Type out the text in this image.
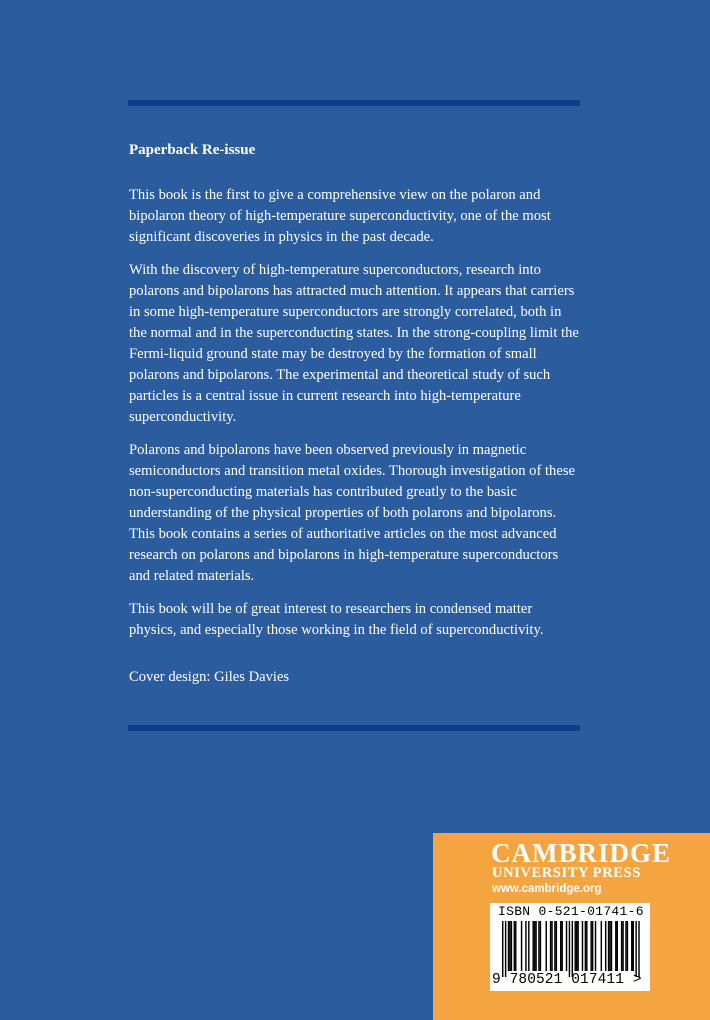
Paperback Re-issue

This book is the first to give a comprehensive view on the polaron and bipolaron theory of high-temperature superconductivity, one of the most significant discoveries in physics in the past decade.

With the discovery of high-temperature superconductors, research into polarons and bipolarons has attracted much attention. It appears that carriers in some high-temperature superconductors are strongly correlated, both in the normal and in the superconducting states. In the strong-coupling limit the Fermi-liquid ground state may be destroyed by the formation of small polarons and bipolarons. The experimental and theoretical study of such particles is a central issue in current research into high-temperature superconductivity.

Polarons and bipolarons have been observed previously in magnetic semiconductors and transition metal oxides. Thorough investigation of these non-superconducting materials has contributed greatly to the basic understanding of the physical properties of both polarons and bipolarons. This book contains a series of authoritative articles on the most advanced research on polarons and bipolarons in high-temperature superconductors and related materials.

This book will be of great interest to researchers in condensed matter physics, and especially those working in the field of superconductivity.

Cover design: Giles Davies

CAMBRIDGE
UNIVERSITY PRESS
www.cambridge.org
ISBN 0-521-01741-6
9 780521 017411 >
